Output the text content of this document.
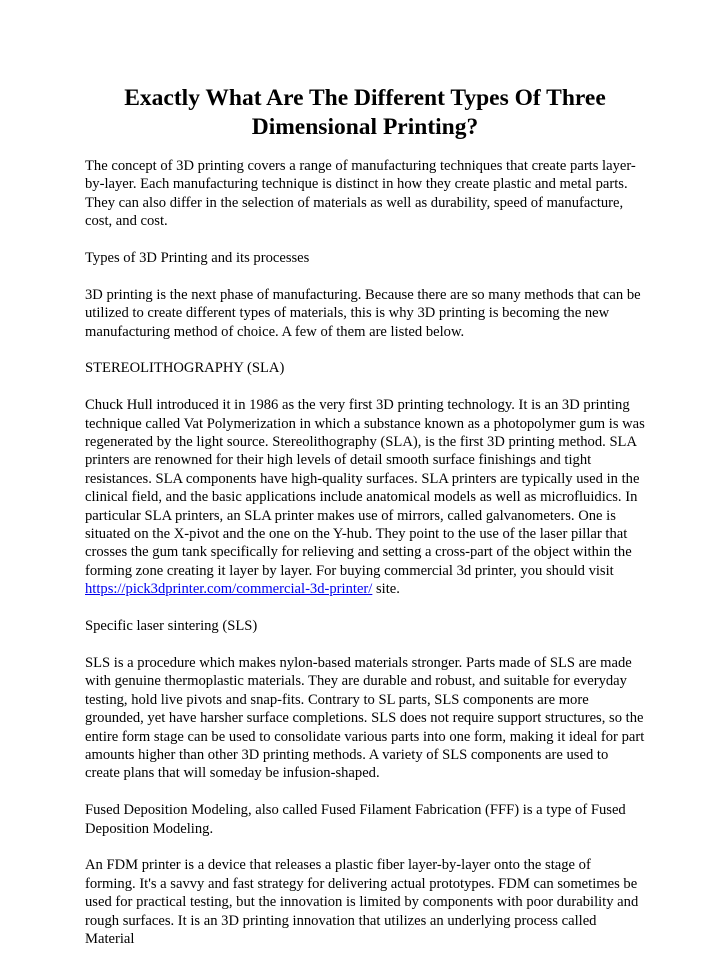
Exactly What Are The Different Types Of Three Dimensional Printing?

The concept of 3D printing covers a range of manufacturing techniques that create parts layer-by-layer. Each manufacturing technique is distinct in how they create plastic and metal parts. They can also differ in the selection of materials as well as durability, speed of manufacture, cost, and cost.

Types of 3D Printing and its processes

3D printing is the next phase of manufacturing. Because there are so many methods that can be utilized to create different types of materials, this is why 3D printing is becoming the new manufacturing method of choice. A few of them are listed below.

STEREOLITHOGRAPHY (SLA)

Chuck Hull introduced it in 1986 as the very first 3D printing technology. It is an 3D printing technique called Vat Polymerization in which a substance known as a photopolymer gum is was regenerated by the light source. Stereolithography (SLA), is the first 3D printing method. SLA printers are renowned for their high levels of detail smooth surface finishings and tight resistances. SLA components have high-quality surfaces. SLA printers are typically used in the clinical field, and the basic applications include anatomical models as well as microfluidics. In particular SLA printers, an SLA printer makes use of mirrors, called galvanometers. One is situated on the X-pivot and the one on the Y-hub. They point to the use of the laser pillar that crosses the gum tank specifically for relieving and setting a cross-part of the object within the forming zone creating it layer by layer. For buying commercial 3d printer, you should visit https://pick3dprinter.com/commercial-3d-printer/ site.

Specific laser sintering (SLS)

SLS is a procedure which makes nylon-based materials stronger. Parts made of SLS are made with genuine thermoplastic materials. They are durable and robust, and suitable for everyday testing, hold live pivots and snap-fits. Contrary to SL parts, SLS components are more grounded, yet have harsher surface completions. SLS does not require support structures, so the entire form stage can be used to consolidate various parts into one form, making it ideal for part amounts higher than other 3D printing methods. A variety of SLS components are used to create plans that will someday be infusion-shaped.

Fused Deposition Modeling, also called Fused Filament Fabrication (FFF) is a type of Fused Deposition Modeling.

An FDM printer is a device that releases a plastic fiber layer-by-layer onto the stage of forming. It's a savvy and fast strategy for delivering actual prototypes. FDM can sometimes be used for practical testing, but the innovation is limited by components with poor durability and rough surfaces. It is an 3D printing innovation that utilizes an underlying process called Material
